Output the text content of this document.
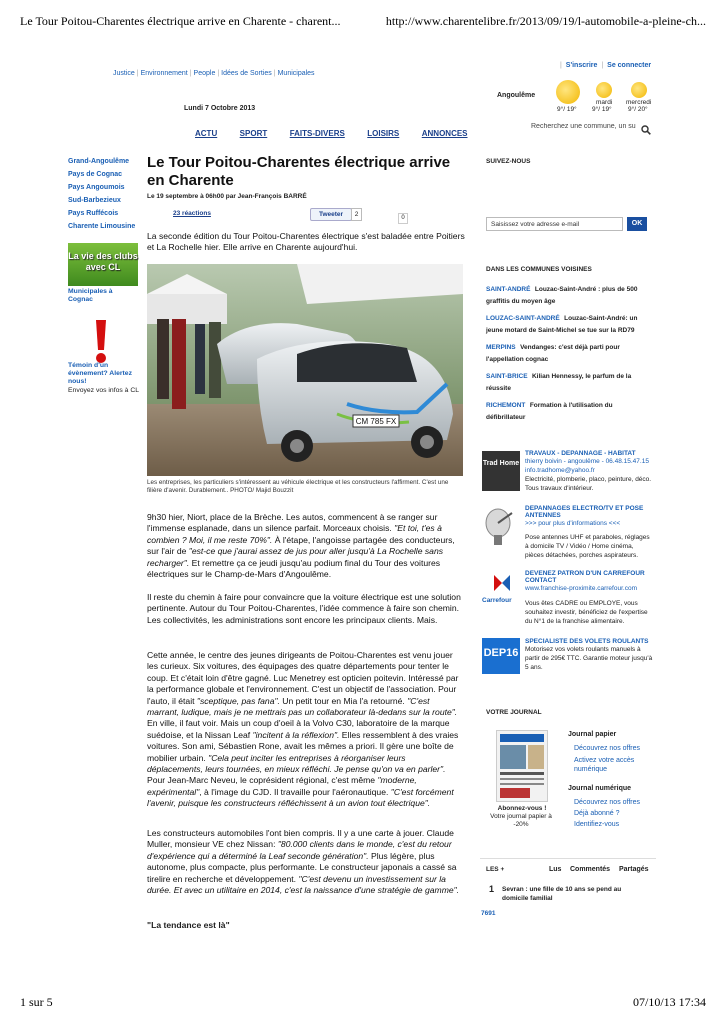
Le Tour Poitou-Charentes électrique arrive en Charente - charent...	http://www.charentelibre.fr/2013/09/19/l-automobile-a-pleine-ch...
1 sur 5	07/10/13 17:34
Justice | Environnement | People | Idées de Sorties | Municipales
| S'inscrire | Se connecter
Angoulême
9°/ 19°
mardi
9°/ 19°
mercredi
9°/ 20°
Lundi 7 Octobre 2013
ACTU	SPORT	FAITS-DIVERS	LOISIRS	ANNONCES
Recherchez une commune, un su
Grand-Angoulême
Pays de Cognac
Pays Angoumois
Sud-Barbezieux
Pays Ruffécois
Charente Limousine
La vie des clubs avec CL
Municipales à Cognac
Témoin d'un évènement? Alertez nous!
Envoyez vos infos à CL
Le Tour Poitou-Charentes électrique arrive en Charente
Le 19 septembre à 06h00 par Jean-François BARRÉ
23 réactions	Tweeter	2	0
La seconde édition du Tour Poitou-Charentes électrique s'est baladée entre Poitiers et La Rochelle hier. Elle arrive en Charente aujourd'hui.
CM 785 FX
Les entreprises, les particuliers s'intéressent au véhicule électrique et les constructeurs l'affirment. C'est une filière d'avenir. Durablement.. PHOTO/ Majid Bouzzit
9h30 hier, Niort, place de la Brèche. Les autos, commencent à se ranger sur l'immense esplanade, dans un silence parfait. Morceaux choisis. "Et toi, t'es à combien ? Moi, il me reste 70%". À l'étape, l'angoisse partagée des conducteurs, sur l'air de "est-ce que j'aurai assez de jus pour aller jusqu'à La Rochelle sans recharger". Et remettre ça ce jeudi jusqu'au podium final du Tour des voitures électriques sur le Champ-de-Mars d'Angoulême.
Il reste du chemin à faire pour convaincre que la voiture électrique est une solution pertinente. Autour du Tour Poitou-Charentes, l'idée commence à faire son chemin. Les collectivités, les administrations sont encore les principaux clients. Mais.
Cette année, le centre des jeunes dirigeants de Poitou-Charentes est venu jouer les curieux. Six voitures, des équipages des quatre départements pour tenter le coup. Et c'était loin d'être gagné. Luc Menetrey est opticien poitevin. Intéressé par la performance globale et l'environnement. C'est un objectif de l'association. Pour l'auto, il était "sceptique, pas fana". Un petit tour en Mia l'a retourné. "C'est marrant, ludique, mais je ne mettrais pas un collaborateur là-dedans sur la route". En ville, il faut voir. Mais un coup d'oeil à la Volvo C30, laboratoire de la marque suédoise, et la Nissan Leaf "incitent à la réflexion". Elles ressemblent à des vraies voitures. Son ami, Sébastien Rone, avait les mêmes a priori. Il gère une boîte de mobilier urbain. "Cela peut inciter les entreprises à réorganiser leurs déplacements, leurs tournées, en mieux réfléchi. Je pense qu'on va en parler". Pour Jean-Marc Neveu, le coprésident régional, c'est même "moderne, expérimental", à l'image du CJD. Il travaille pour l'aéronautique. "C'est forcément l'avenir, puisque les constructeurs réfléchissent à un avion tout électrique".
Les constructeurs automobiles l'ont bien compris. Il y a une carte à jouer. Claude Muller, monsieur VE chez Nissan: "80.000 clients dans le monde, c'est du retour d'expérience qui a déterminé la Leaf seconde génération". Plus légère, plus autonome, plus compacte, plus performante. Le constructeur japonais a cassé sa tirelire en recherche et développement. "C'est devenu un investissement sur la durée. Et avec un utilitaire en 2014, c'est la naissance d'une stratégie de gamme".
"La tendance est là"
SUIVEZ-NOUS
Saisissez votre adresse e-mail	OK
DANS LES COMMUNES VOISINES
SAINT-ANDRÉ Louzac-Saint-André : plus de 500 graffitis du moyen âge
LOUZAC-SAINT-ANDRÉ Louzac-Saint-André: un jeune motard de Saint-Michel se tue sur la RD79
MERPINS Vendanges: c'est déjà parti pour l'appellation cognac
SAINT-BRICE Kilian Hennessy, le parfum de la réussite
RICHEMONT Formation à l'utilisation du défibrillateur
Trad Home
TRAVAUX - DEPANNAGE - HABITAT
thierry boivin - angoulême - 06.48.15.47.15 info.tradhome@yahoo.fr
Electricité, plomberie, placo, peinture, déco. Tous travaux d'intérieur.
DEPANNAGES ELECTRO/TV ET POSE ANTENNES
>>> pour plus d'informations <<<
Pose antennes UHF et paraboles, réglages à domicile TV / Vidéo / Home cinéma, pièces détachées, porches aspirateurs.
Carrefour
DEVENEZ PATRON D'UN CARREFOUR CONTACT
www.franchise-proximite.carrefour.com
Vous êtes CADRE ou EMPLOYE, vous souhaitez investir, bénéficiez de l'expertise du N°1 de la franchise alimentaire.
DEP16
SPECIALISTE DES VOLETS ROULANTS
Motorisez vos volets roulants manuels à partir de 295€ TTC. Garantie moteur jusqu'à 5 ans.
VOTRE JOURNAL
Abonnez-vous !
Votre journal papier à -20%
Journal papier
Découvrez nos offres
Activez votre accès numérique
Journal numérique
Découvrez nos offres
Déjà abonné ?
Identifiez-vous
LES +	Lus Commentés Partagés
1 Sevran : une fille de 10 ans se pend au domicile familial
7691
